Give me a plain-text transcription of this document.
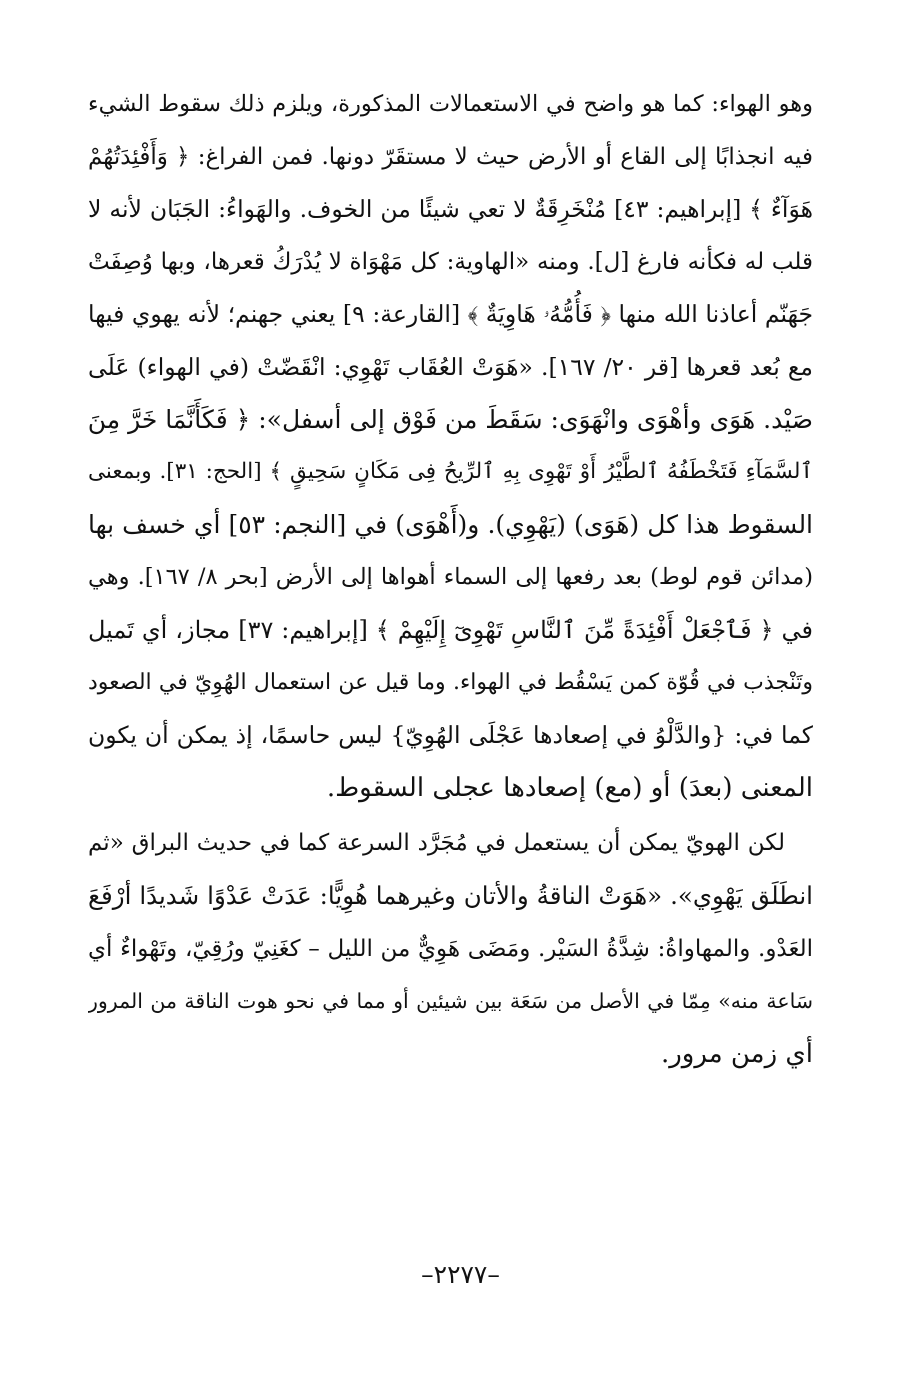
وهو الهواء: كما هو واضح في الاستعمالات المذكورة، ويلزم ذلك سقوط الشيء
فيه انجذابًا إلى القاع أو الأرض حيث لا مستقَرّ دونها. فمن الفراغ: ﴿ وَأَفْئِدَتُهُمْ
هَوَآءٌ ﴾ [إبراهيم: ٤٣] مُنْخَرِقَةٌ لا تعي شيئًا من الخوف. والهَواءُ: الجَبَان لأنه لا
قلب له فكأنه فارغ [ل]. ومنه «الهاوية: كل مَهْوَاة لا يُدْرَكُ قعرها، وبها وُصِفَتْ
جَهَنّم أعاذنا الله منها ﴿ فَأُمُّهُۥ هَاوِيَةٌ ﴾ [القارعة: ٩] يعني جهنم؛ لأنه يهوي فيها
مع بُعد قعرها [قر ٢٠/ ١٦٧]. «هَوَتْ العُقَاب تَهْوِي: انْقَضّتْ (في الهواء) عَلَى
صَيْد. هَوَى وأهْوَى وانْهَوَى: سَقَطَ من فَوْق إلى أسفل»: ﴿ فَكَأَنَّمَا خَرَّ مِنَ
ٱلسَّمَآءِ فَتَخْطَفُهُ ٱلطَّيْرُ أَوْ تَهْوِى بِهِ ٱلرِّيحُ فِى مَكَانٍ سَحِيقٍ ﴾ [الحج: ٣١]. وبمعنى
السقوط هذا كل (هَوَى) (يَهْوِي). و(أَهْوَى) في [النجم: ٥٣] أي خسف بها
(مدائن قوم لوط) بعد رفعها إلى السماء أهواها إلى الأرض [بحر ٨/ ١٦٧]. وهي
في ﴿ فَٱجْعَلْ أَفْئِدَةً مِّنَ ٱلنَّاسِ تَهْوِىٓ إِلَيْهِمْ ﴾ [إبراهيم: ٣٧] مجاز، أي تَميل
وتَنْجذب في قُوّة كمن يَسْقُط في الهواء. وما قيل عن استعمال الهُوِيّ في الصعود
كما في: {والدَّلْوُ في إصعادها عَجْلَى الهُوِيّ} ليس حاسمًا، إذ يمكن أن يكون
المعنى (بعدَ) أو (مع) إصعادها عجلى السقوط.
لكن الهويّ يمكن أن يستعمل في مُجَرَّد السرعة كما في حديث البراق «ثم
انطَلَق يَهْوِي». «هَوَتْ الناقةُ والأتان وغيرهما هُوِيًّا: عَدَتْ عَدْوًا شَديدًا أرْفَعَ
العَدْو. والمهاواةُ: شِدَّةُ السَيْر. ومَضَى هَوِيٌّ من الليل – كغَنِيّ ورُقِيّ، وتَهْواءٌ أي
سَاعة منه» مِمّا في الأصل من سَعَة بين شيئين أو مما في نحو هوت الناقة من المرور
أي زمن مرور.
–٢٢٧٧–
